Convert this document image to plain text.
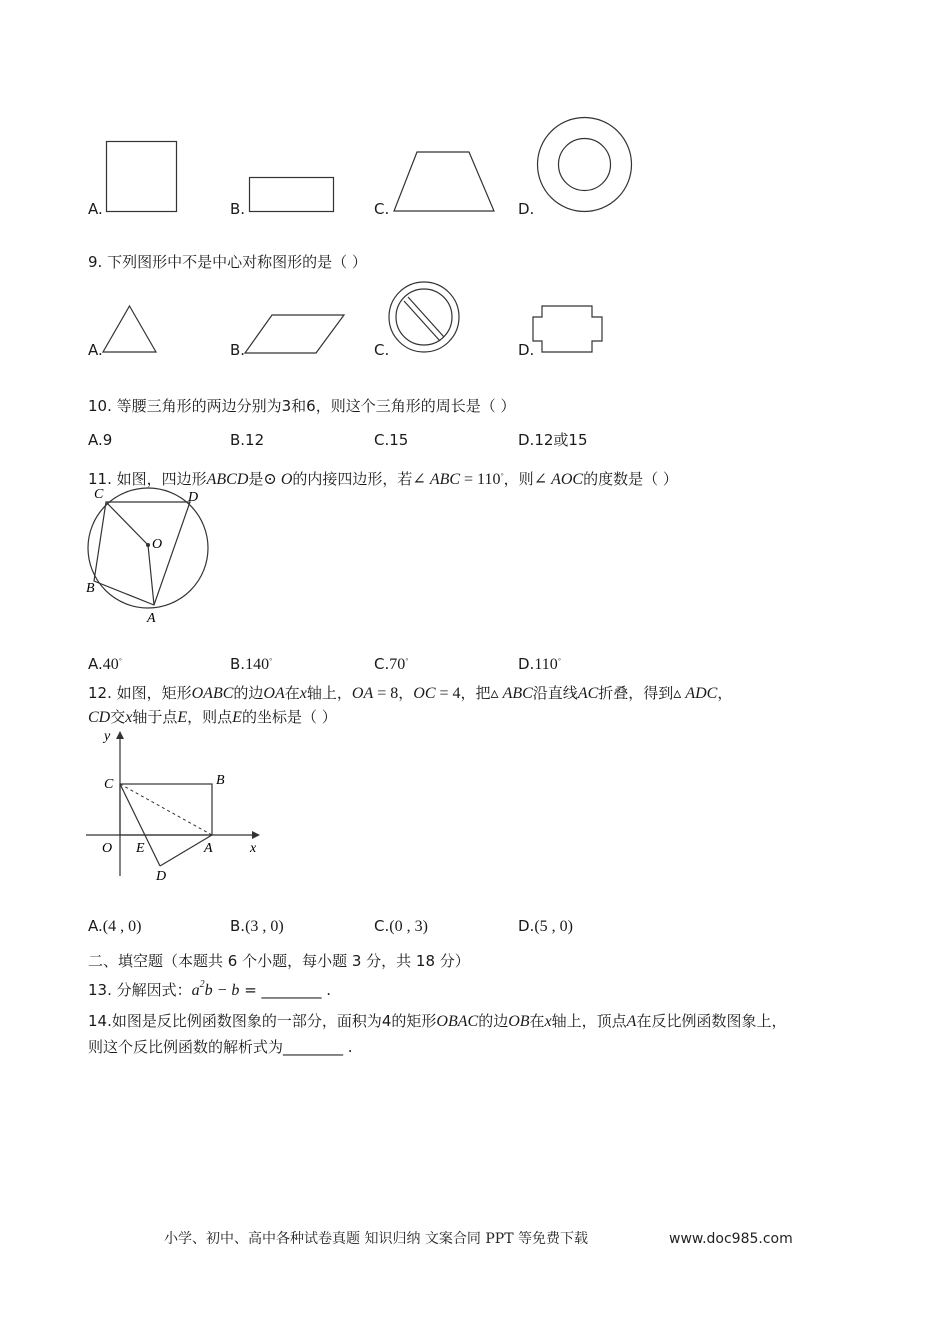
A.	B.	C.	D.
9. 下列图形中不是中心对称图形的是（ ）
A.	B.	C.	D.
10. 等腰三角形的两边分别为3和6，则这个三角形的周长是（ ）
A.9	B.12	C.15	D.12或15
11. 如图，四边形ABCD是⊙ O的内接四边形，若∠ ABC = 110◦，则∠ AOC的度数是（ ）
C	D
O
B
A
A.40◦	B.140◦	C.70◦	D.110◦
12. 如图，矩形OABC的边OA在x轴上，OA = 8，OC = 4，把▵ ABC沿直线AC折叠，得到▵ ADC，
CD交x轴于点E，则点E的坐标是（ ）
y
x
C	B
O E	A
D
A.(4 , 0)	B.(3 , 0)	C.(0 , 3)	D.(5 , 0)
二、填空题（本题共 6 个小题，每小题 3 分，共 18 分）
13. 分解因式：$a^2b - b$ = ________ .
14.如图是反比例函数图象的一部分，面积为4的矩形OBAC的边OB在x轴上，顶点A在反比例函数图象上，
则这个反比例函数的解析式为________ .
小学、初中、高中各种试卷真题 知识归纳 文案合同 PPT 等免费下载	www.doc985.com
